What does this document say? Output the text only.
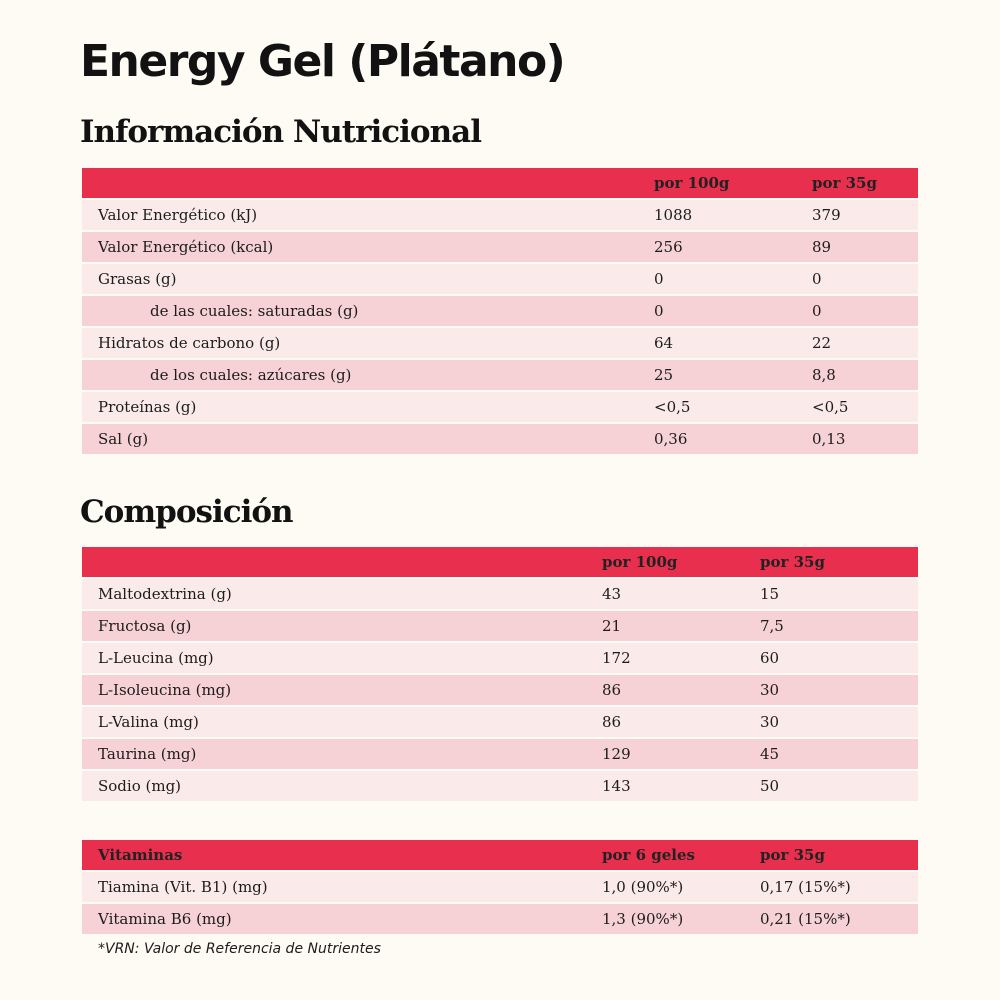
Energy Gel (Plátano)
Información Nutricional
	por 100g	por 35g
Valor Energético (kJ)	1088	379
Valor Energético (kcal)	256	89
Grasas (g)	0	0
de las cuales: saturadas (g)	0	0
Hidratos de carbono (g)	64	22
de los cuales: azúcares (g)	25	8,8
Proteínas (g)	<0,5	<0,5
Sal (g)	0,36	0,13
Composición
	por 100g	por 35g
Maltodextrina (g)	43	15
Fructosa (g)	21	7,5
L-Leucina (mg)	172	60
L-Isoleucina (mg)	86	30
L-Valina (mg)	86	30
Taurina (mg)	129	45
Sodio (mg)	143	50
Vitaminas	por 6 geles	por 35g
Tiamina (Vit. B1) (mg)	1,0 (90%*)	0,17 (15%*)
Vitamina B6 (mg)	1,3 (90%*)	0,21 (15%*)

*VRN: Valor de Referencia de Nutrientes
